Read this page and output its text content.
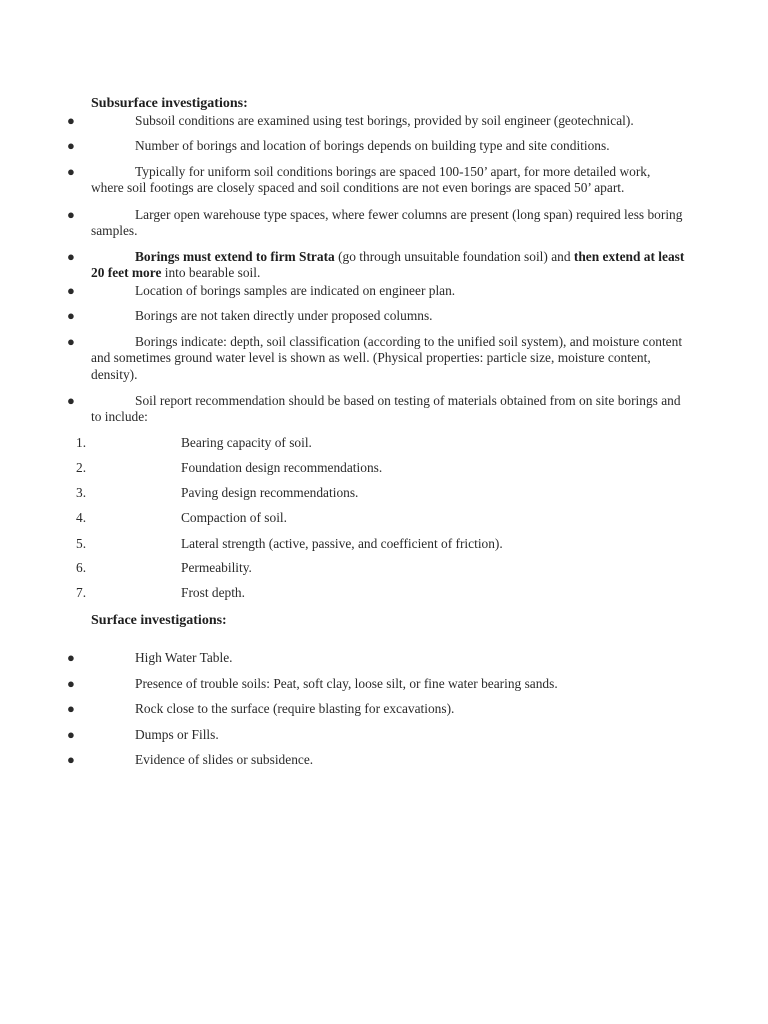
Subsurface investigations:
●	Subsoil conditions are examined using test borings, provided by soil engineer (geotechnical).
●	Number of borings and location of borings depends on building type and site conditions.
●	Typically for uniform soil conditions borings are spaced 100-150’ apart, for more detailed work, where soil footings are closely spaced and soil conditions are not even borings are spaced 50’ apart.
●	Larger open warehouse type spaces, where fewer columns are present (long span) required less boring samples.
●	Borings must extend to firm Strata (go through unsuitable foundation soil) and then extend at least 20 feet more into bearable soil.
●	Location of borings samples are indicated on engineer plan.
●	Borings are not taken directly under proposed columns.
●	Borings indicate: depth, soil classification (according to the unified soil system), and moisture content and sometimes ground water level is shown as well. (Physical properties: particle size, moisture content, density).
●	Soil report recommendation should be based on testing of materials obtained from on site borings and to include:
1.	Bearing capacity of soil.
2.	Foundation design recommendations.
3.	Paving design recommendations.
4.	Compaction of soil.
5.	Lateral strength (active, passive, and coefficient of friction).
6.	Permeability.
7.	Frost depth.
Surface investigations:
●	High Water Table.
●	Presence of trouble soils: Peat, soft clay, loose silt, or fine water bearing sands.
●	Rock close to the surface (require blasting for excavations).
●	Dumps or Fills.
●	Evidence of slides or subsidence.
